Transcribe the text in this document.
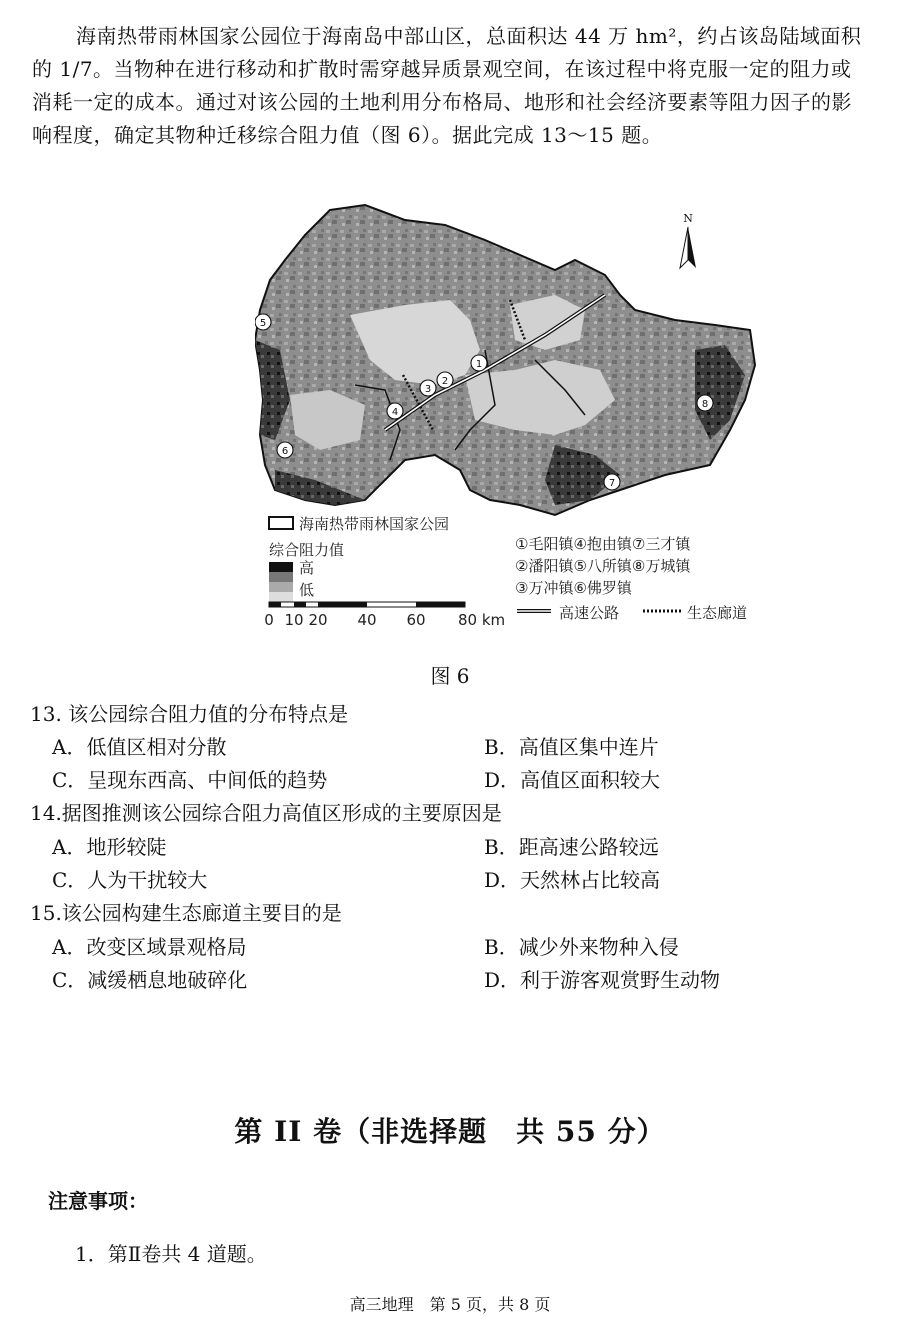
海南热带雨林国家公园位于海南岛中部山区，总面积达 44 万 hm²，约占该岛陆域面积的 1/7。当物种在进行移动和扩散时需穿越异质景观空间，在该过程中将克服一定的阻力或消耗一定的成本。通过对该公园的土地利用分布格局、地形和社会经济要素等阻力因子的影响程度，确定其物种迁移综合阻力值（图 6）。据此完成 13～15 题。
N
1
2
3
4
5
6
7
8
海南热带雨林国家公园
综合阻力值
高
低
0 10 20 40 60 80 km
①毛阳镇④抱由镇⑦三才镇
②潘阳镇⑤八所镇⑧万城镇
③万冲镇⑥佛罗镇
高速公路	生态廊道
图 6
13. 该公园综合阻力值的分布特点是
A．低值区相对分散	B．高值区集中连片
C．呈现东西高、中间低的趋势	D．高值区面积较大
14.据图推测该公园综合阻力高值区形成的主要原因是
A．地形较陡	B．距高速公路较远
C．人为干扰较大	D．天然林占比较高
15.该公园构建生态廊道主要目的是
A．改变区域景观格局	B．减少外来物种入侵
C．减缓栖息地破碎化	D．利于游客观赏野生动物
第 II 卷（非选择题　共 55 分）
注意事项：
1．第Ⅱ卷共 4 道题。
高三地理　第 5 页，共 8 页
